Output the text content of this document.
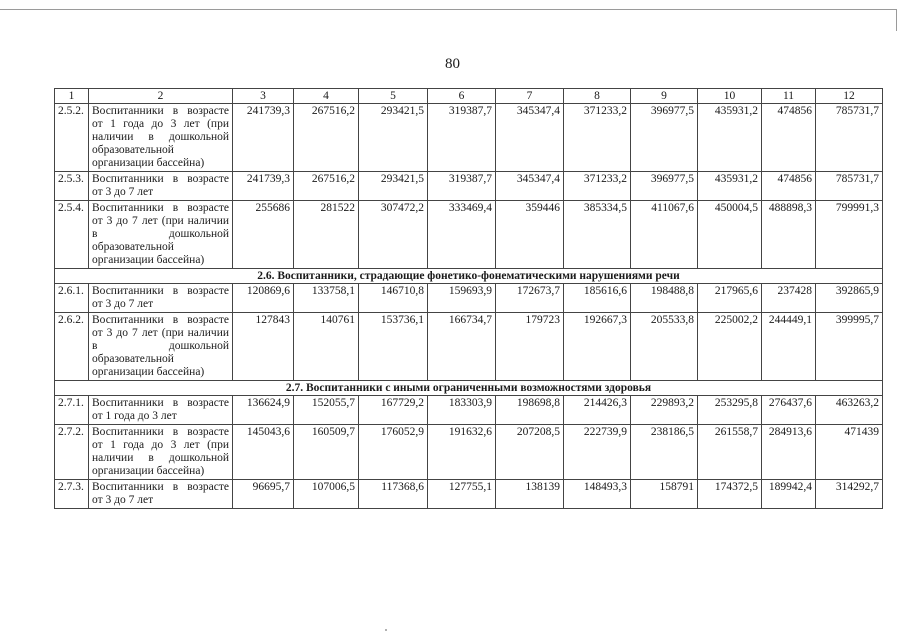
80
1	2	3	4	5	6	7	8	9	10	11	12
2.5.2.	Воспитанники в возрасте от 1 года до 3 лет (при наличии в дошкольной образовательной организации бассейна)	241739,3	267516,2	293421,5	319387,7	345347,4	371233,2	396977,5	435931,2	474856	785731,7
2.5.3.	Воспитанники в возрасте от 3 до 7 лет	241739,3	267516,2	293421,5	319387,7	345347,4	371233,2	396977,5	435931,2	474856	785731,7
2.5.4.	Воспитанники в возрасте от 3 до 7 лет (при наличии в дошкольной образовательной организации бассейна)	255686	281522	307472,2	333469,4	359446	385334,5	411067,6	450004,5	488898,3	799991,3
2.6. Воспитанники, страдающие фонетико-фонематическими нарушениями речи											
2.6.1.	Воспитанники в возрасте от 3 до 7 лет	120869,6	133758,1	146710,8	159693,9	172673,7	185616,6	198488,8	217965,6	237428	392865,9
2.6.2.	Воспитанники в возрасте от 3 до 7 лет (при наличии в дошкольной образовательной организации бассейна)	127843	140761	153736,1	166734,7	179723	192667,3	205533,8	225002,2	244449,1	399995,7
2.7. Воспитанники с иными ограниченными возможностями здоровья											
2.7.1.	Воспитанники в возрасте от 1 года до 3 лет	136624,9	152055,7	167729,2	183303,9	198698,8	214426,3	229893,2	253295,8	276437,6	463263,2
2.7.2.	Воспитанники в возрасте от 1 года до 3 лет (при наличии в дошкольной организации бассейна)	145043,6	160509,7	176052,9	191632,6	207208,5	222739,9	238186,5	261558,7	284913,6	471439
2.7.3.	Воспитанники в возрасте от 3 до 7 лет	96695,7	107006,5	117368,6	127755,1	138139	148493,3	158791	174372,5	189942,4	314292,7
